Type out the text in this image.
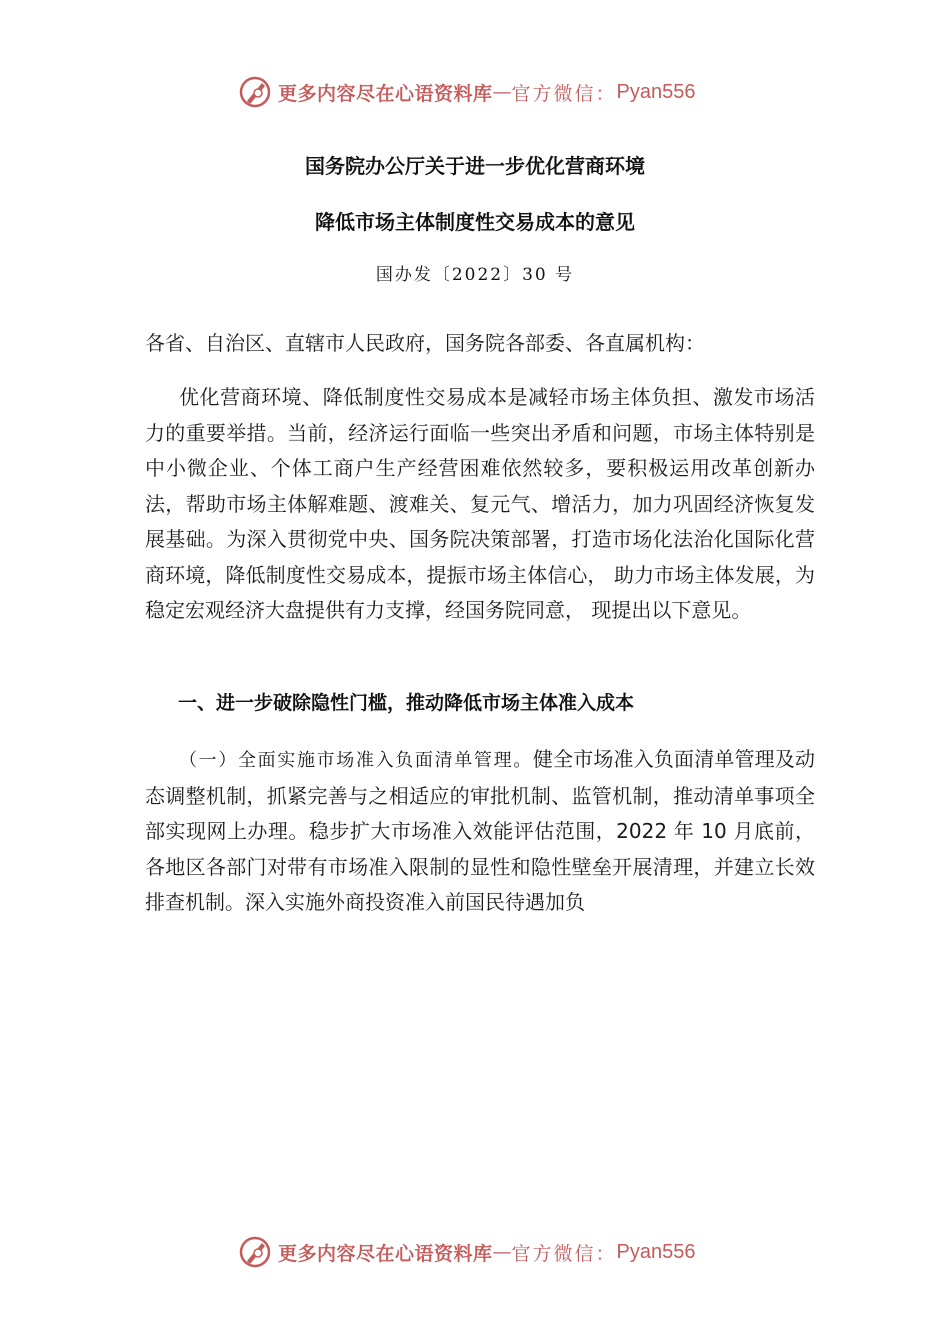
更多内容尽在心语资料库 — 官方微信： Pyan556
国务院办公厅关于进一步优化营商环境
降低市场主体制度性交易成本的意见
国办发〔2022〕30 号
各省、自治区、直辖市人民政府，国务院各部委、各直属机构：
优化营商环境、降低制度性交易成本是减轻市场主体负担、激发市场活力的重要举措。当前，经济运行面临一些突出矛盾和问题，市场主体特别是中小微企业、个体工商户生产经营困难依然较多，要积极运用改革创新办法，帮助市场主体解难题、渡难关、复元气、增活力，加力巩固经济恢复发展基础。为深入贯彻党中央、国务院决策部署，打造市场化法治化国际化营商环境，降低制度性交易成本，提振市场主体信心， 助力市场主体发展，为稳定宏观经济大盘提供有力支撑，经国务院同意， 现提出以下意见。
一、进一步破除隐性门槛，推动降低市场主体准入成本
（一）全面实施市场准入负面清单管理。健全市场准入负面清单管理及动态调整机制，抓紧完善与之相适应的审批机制、监管机制，推动清单事项全部实现网上办理。稳步扩大市场准入效能评估范围，2022 年 10 月底前，各地区各部门对带有市场准入限制的显性和隐性壁垒开展清理，并建立长效排查机制。深入实施外商投资准入前国民待遇加负
更多内容尽在心语资料库 — 官方微信： Pyan556
